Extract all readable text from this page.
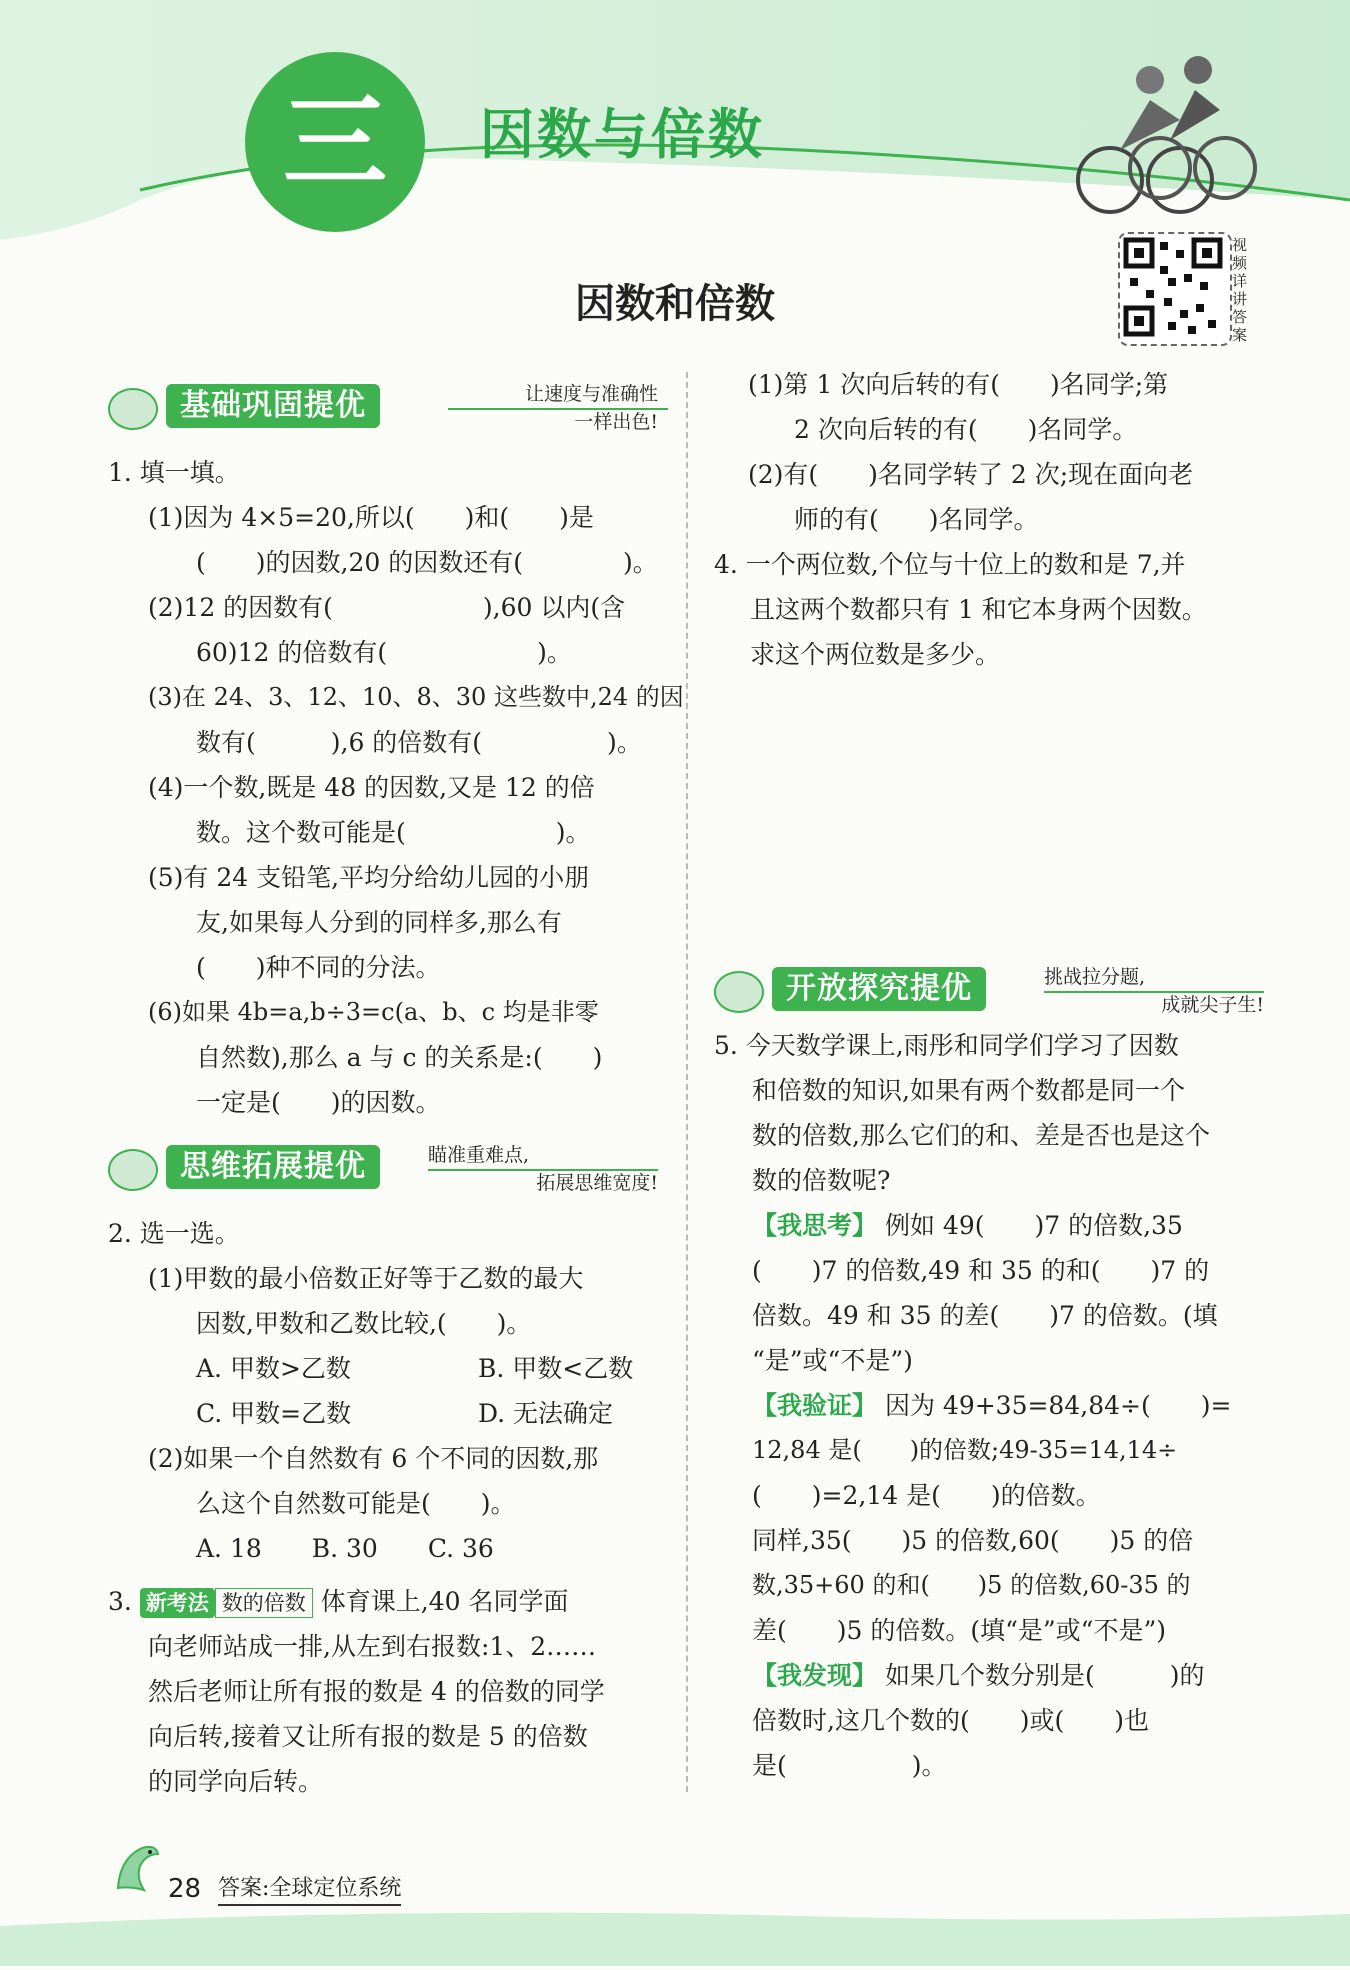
三	因数与倍数
视频详讲答案
因数和倍数
基础巩固提优	让速度与准确性
一样出色!
1. 填一填。
(1)因为 4×5=20,所以(　　)和(　　)是
(　　)的因数,20 的因数还有(　　　　)。
(2)12 的因数有(　　　　　　),60 以内(含
60)12 的倍数有(　　　　　　)。
(3)在 24、3、12、10、8、30 这些数中,24 的因
数有(　　　),6 的倍数有(　　　　　)。
(4)一个数,既是 48 的因数,又是 12 的倍
数。这个数可能是(　　　　　　)。
(5)有 24 支铅笔,平均分给幼儿园的小朋
友,如果每人分到的同样多,那么有
(　　)种不同的分法。
(6)如果 4b=a,b÷3=c(a、b、c 均是非零
自然数),那么 a 与 c 的关系是:(　　)
一定是(　　)的因数。
思维拓展提优	瞄准重难点,
拓展思维宽度!
2. 选一选。
(1)甲数的最小倍数正好等于乙数的最大
因数,甲数和乙数比较,(　　)。
A. 甲数>乙数	B. 甲数<乙数
C. 甲数=乙数	D. 无法确定
(2)如果一个自然数有 6 个不同的因数,那
么这个自然数可能是(　　)。
A. 18　　B. 30　　C. 36
3. 新考法 数的倍数 体育课上,40 名同学面
向老师站成一排,从左到右报数:1、2……
然后老师让所有报的数是 4 的倍数的同学
向后转,接着又让所有报的数是 5 的倍数
的同学向后转。
(1)第 1 次向后转的有(　　)名同学;第
2 次向后转的有(　　)名同学。
(2)有(　　)名同学转了 2 次;现在面向老
师的有(　　)名同学。
4. 一个两位数,个位与十位上的数和是 7,并
且这两个数都只有 1 和它本身两个因数。
求这个两位数是多少。
开放探究提优	挑战拉分题,
成就尖子生!
5. 今天数学课上,雨彤和同学们学习了因数
和倍数的知识,如果有两个数都是同一个
数的倍数,那么它们的和、差是否也是这个
数的倍数呢?
【我思考】 例如 49(　　)7 的倍数,35
(　　)7 的倍数,49 和 35 的和(　　)7 的
倍数。49 和 35 的差(　　)7 的倍数。(填
“是”或“不是”)
【我验证】 因为 49+35=84,84÷(　　)=
12,84 是(　　)的倍数;49-35=14,14÷
(　　)=2,14 是(　　)的倍数。
同样,35(　　)5 的倍数,60(　　)5 的倍
数,35+60 的和(　　)5 的倍数,60-35 的
差(　　)5 的倍数。(填“是”或“不是”)
【我发现】 如果几个数分别是(　　　)的
倍数时,这几个数的(　　)或(　　)也
是(　　　　　)。
28 答案:全球定位系统
